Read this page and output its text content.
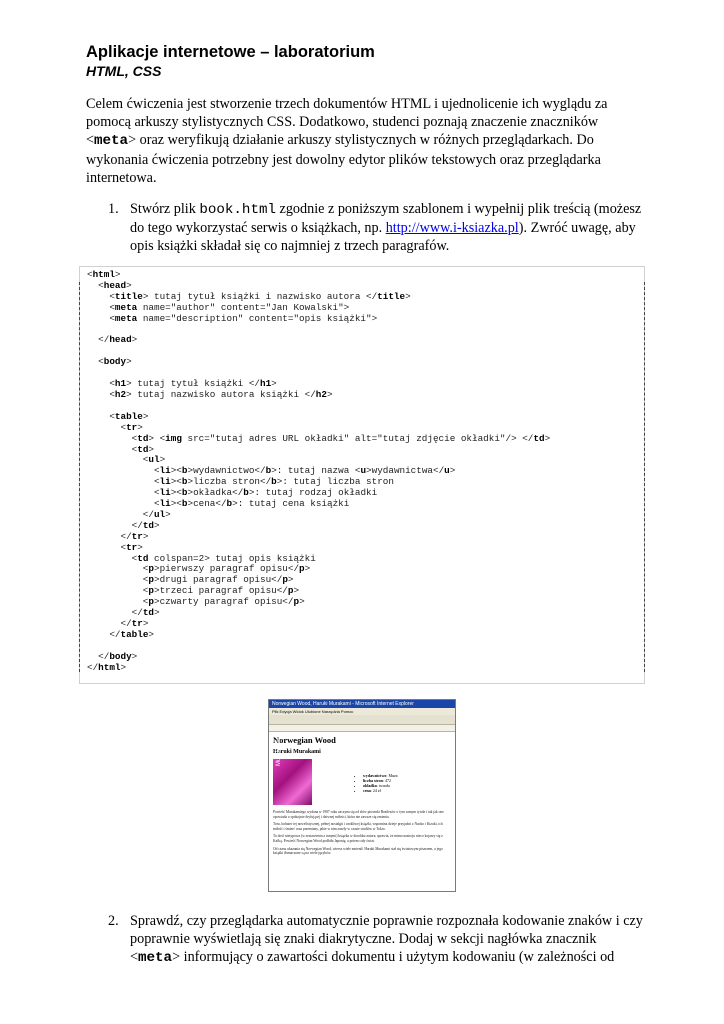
Aplikacje internetowe – laboratorium
HTML, CSS

Celem ćwiczenia jest stworzenie trzech dokumentów HTML i ujednolicenie ich wyglądu za pomocą arkuszy stylistycznych CSS. Dodatkowo, studenci poznają znaczenie znaczników <meta> oraz weryfikują działanie arkuszy stylistycznych w różnych przeglądarkach. Do wykonania ćwiczenia potrzebny jest dowolny edytor plików tekstowych oraz przeglądarka internetowa.

1. Stwórz plik book.html zgodnie z poniższym szablonem i wypełnij plik treścią (możesz do tego wykorzystać serwis o książkach, np. http://www.i-ksiazka.pl). Zwróć uwagę, aby opis książki składał się co najmniej z trzech paragrafów.
<html>
<head>
<title> tutaj tytuł książki i nazwisko autora </title>
<meta name="author" content="Jan Kowalski">
<meta name="description" content="opis książki">

</head>

<body>

<h1> tutaj tytuł książki </h1>
<h2> tutaj nazwisko autora książki </h2>

<table>
<tr>
<td> <img src="tutaj adres URL okładki" alt="tutaj zdjęcie okładki"/> </td>
<td>
<ul>
<li><b>wydawnictwo</b>: tutaj nazwa <u>wydawnictwa</u>
<li><b>liczba stron</b>: tutaj liczba stron
<li><b>okładka</b>: tutaj rodzaj okładki
<li><b>cena</b>: tutaj cena książki
</ul>
</td>
</tr>
<tr>
<td colspan=2> tutaj opis książki
<p>pierwszy paragraf opisu</p>
<p>drugi paragraf opisu</p>
<p>trzeci paragraf opisu</p>
<p>czwarty paragraf opisu</p>
</td>
</tr>
</table>

</body>
</html>
Norwegian Wood, Haruki Murakami - Microsoft Internet Explorer
Plik Edycja Widok Ulubione Narzędzia Pomoc
Norwegian Wood
Haruki Murakami
Murakami
• wydawnictwo: Muza
• liczba stron: 472
• okładka: twarda
• cena: 24 zł

Powieść Murakamiego wydana w 1987 roku zaczyna się od słów piosenki Beatlesów o tym samym tytule i tak jak one opowiada o spokojnie dryfującej i dziwnej miłości, która nie zawsze się zmienia.

Toru, bohater tej nowelistycznej, pełnej nostalgii i urokliwej książki, wspomina dzieje przyjaźni z Naoko i Kizuki, ich miłość i śmierć oraz przemiany, jakie w nim zaszły w czasie studiów w Tokio.

To dość nietypowa (w zestawieniu z innymi) książka w dorobku autora, sprawia, że mimo nastroju nieco kojarzy się z Kafką. Powieść Norwegian Wood podbiła Japonię, a potem cały świat.

Od czasu ukazania się Norwegian Wood, wiersz wiele zmienił. Haruki Murakami stał się światowym pisarzem, a jego książki tłumaczone są na wiele języków.

2. Sprawdź, czy przeglądarka automatycznie poprawnie rozpoznała kodowanie znaków i czy poprawnie wyświetlają się znaki diakrytyczne. Dodaj w sekcji nagłówka znacznik <meta> informujący o zawartości dokumentu i użytym kodowaniu (w zależności od
